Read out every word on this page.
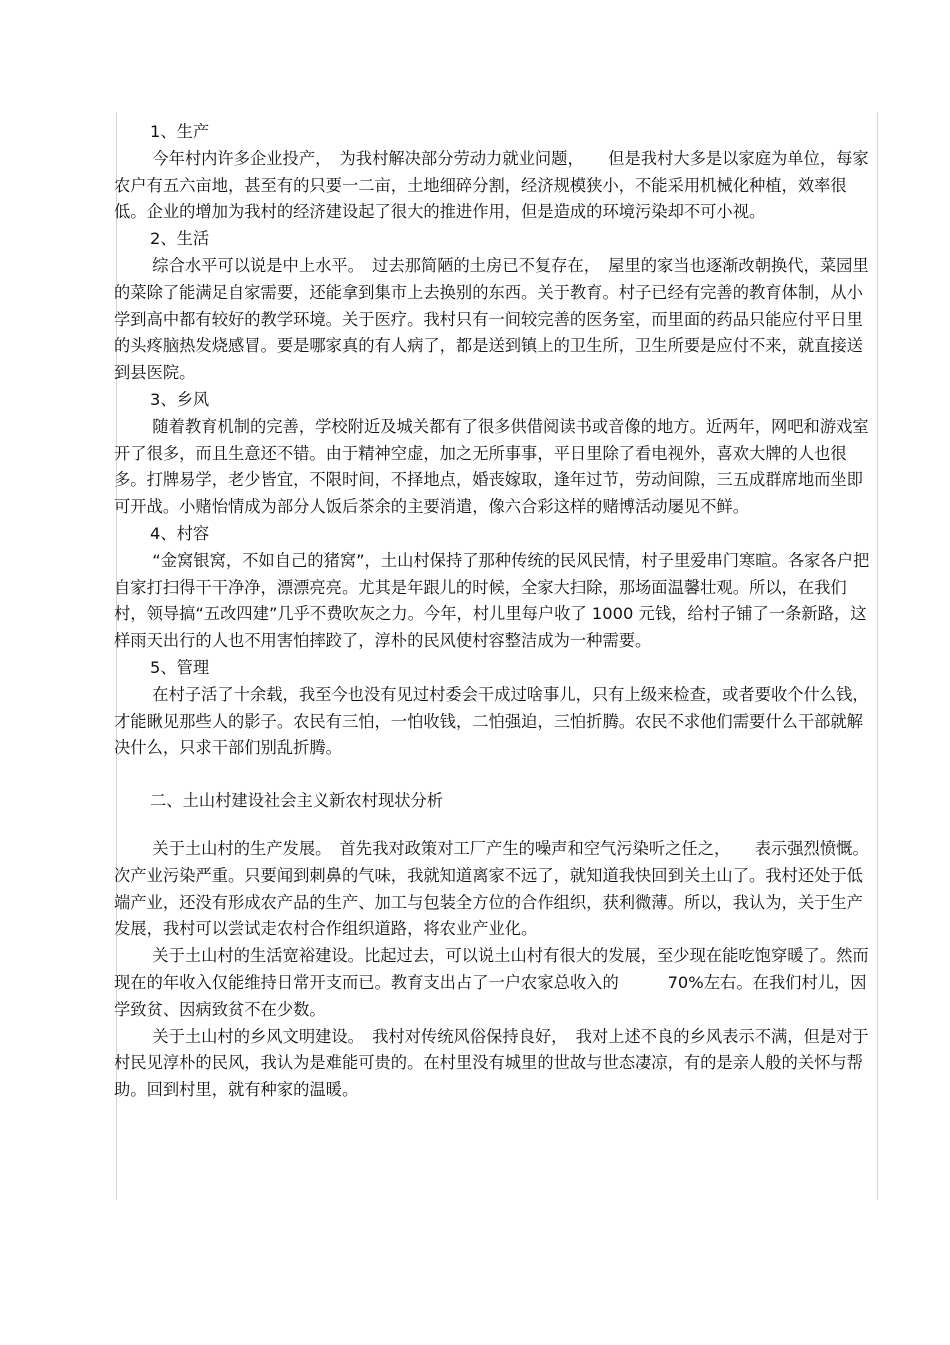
1、生产

今年村内许多企业投产，　为我村解决部分劳动力就业问题，　　但是我村大多是以家庭为单位，每家农户有五六亩地，甚至有的只要一二亩，土地细碎分割，经济规模狭小，不能采用机械化种植，效率很低。企业的增加为我村的经济建设起了很大的推进作用，但是造成的环境污染却不可小视。

2、生活

综合水平可以说是中上水平。　过去那简陋的土房已不复存在，　屋里的家当也逐渐改朝换代，菜园里的菜除了能满足自家需要，还能拿到集市上去换别的东西。关于教育。村子已经有完善的教育体制，从小学到高中都有较好的教学环境。关于医疗。我村只有一间较完善的医务室，而里面的药品只能应付平日里的头疼脑热发烧感冒。要是哪家真的有人病了，都是送到镇上的卫生所，卫生所要是应付不来，就直接送到县医院。

3、乡风

随着教育机制的完善，学校附近及城关都有了很多供借阅读书或音像的地方。近两年，网吧和游戏室开了很多，而且生意还不错。由于精神空虚，加之无所事事，平日里除了看电视外，喜欢大牌的人也很多。打牌易学，老少皆宜，不限时间，不择地点，婚丧嫁取，逢年过节，劳动间隙，三五成群席地而坐即可开战。小赌怡情成为部分人饭后茶余的主要消遣，像六合彩这样的赌博活动屡见不鲜。

4、村容

“金窝银窝，不如自己的猪窝”，土山村保持了那种传统的民风民情，村子里爱串门寒暄。各家各户把自家打扫得干干净净，漂漂亮亮。尤其是年跟儿的时候，全家大扫除，那场面温馨壮观。所以，在我们村，领导搞“五改四建”几乎不费吹灰之力。今年，村儿里每户收了 1000 元钱，给村子铺了一条新路，这样雨天出行的人也不用害怕摔跤了，淳朴的民风使村容整洁成为一种需要。

5、管理

在村子活了十余载，我至今也没有见过村委会干成过啥事儿，只有上级来检查，或者要收个什么钱，才能瞅见那些人的影子。农民有三怕，一怕收钱，二怕强迫，三怕折腾。农民不求他们需要什么干部就解决什么，只求干部们别乱折腾。

二、土山村建设社会主义新农村现状分析

关于土山村的生产发展。　首先我对政策对工厂产生的噪声和空气污染听之任之，　　表示强烈愤慨。次产业污染严重。只要闻到刺鼻的气味，我就知道离家不远了，就知道我快回到关土山了。我村还处于低端产业，还没有形成农产品的生产、加工与包装全方位的合作组织，获利微薄。所以，我认为，关于生产发展，我村可以尝试走农村合作组织道路，将农业产业化。

关于土山村的生活宽裕建设。比起过去，可以说土山村有很大的发展，至少现在能吃饱穿暖了。然而现在的年收入仅能维持日常开支而已。教育支出占了一户农家总收入的　　　70%左右。在我们村儿，因学致贫、因病致贫不在少数。

关于土山村的乡风文明建设。　我村对传统风俗保持良好，　我对上述不良的乡风表示不满，但是对于村民见淳朴的民风，我认为是难能可贵的。在村里没有城里的世故与世态凄凉，有的是亲人般的关怀与帮助。回到村里，就有种家的温暖。
